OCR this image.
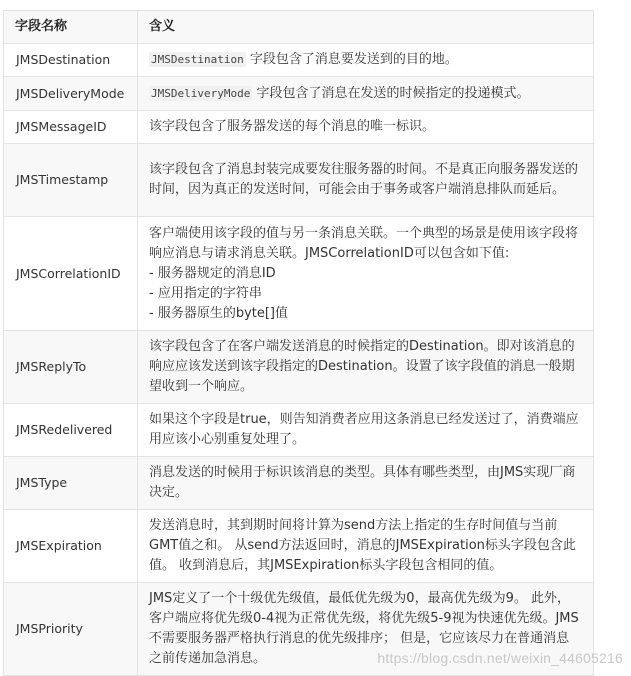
字段名称	含义
JMSDestination	JMSDestination 字段包含了消息要发送到的目的地。
JMSDeliveryMode	JMSDeliveryMode 字段包含了消息在发送的时候指定的投递模式。
JMSMessageID	该字段包含了服务器发送的每个消息的唯一标识。
JMSTimestamp	该字段包含了消息封装完成要发往服务器的时间。不是真正向服务器发送的时间，因为真正的发送时间，可能会由于事务或客户端消息排队而延后。
JMSCorrelationID	客户端使用该字段的值与另一条消息关联。一个典型的场景是使用该字段将响应消息与请求消息关联。JMSCorrelationID可以包含如下值:
- 服务器规定的消息ID
- 应用指定的字符串
- 服务器原生的byte[]值

JMSReplyTo	该字段包含了在客户端发送消息的时候指定的Destination。即对该消息的响应应该发送到该字段指定的Destination。设置了该字段值的消息一般期望收到一个响应。
JMSRedelivered	如果这个字段是true，则告知消费者应用这条消息已经发送过了，消费端应用应该小心别重复处理了。
JMSType	消息发送的时候用于标识该消息的类型。具体有哪些类型，由JMS实现厂商决定。
JMSExpiration	发送消息时，其到期时间将计算为send方法上指定的生存时间值与当前GMT值之和。 从send方法返回时，消息的JMSExpiration标头字段包含此值。 收到消息后，其JMSExpiration标头字段包含相同的值。
JMSPriority	JMS定义了一个十级优先级值，最低优先级为0，最高优先级为9。 此外，客户端应将优先级0-4视为正常优先级，将优先级5-9视为快速优先级。JMS不需要服务器严格执行消息的优先级排序； 但是，它应该尽力在普通消息之前传递加急消息。	https://blog.csdn.net/weixin_44605216
